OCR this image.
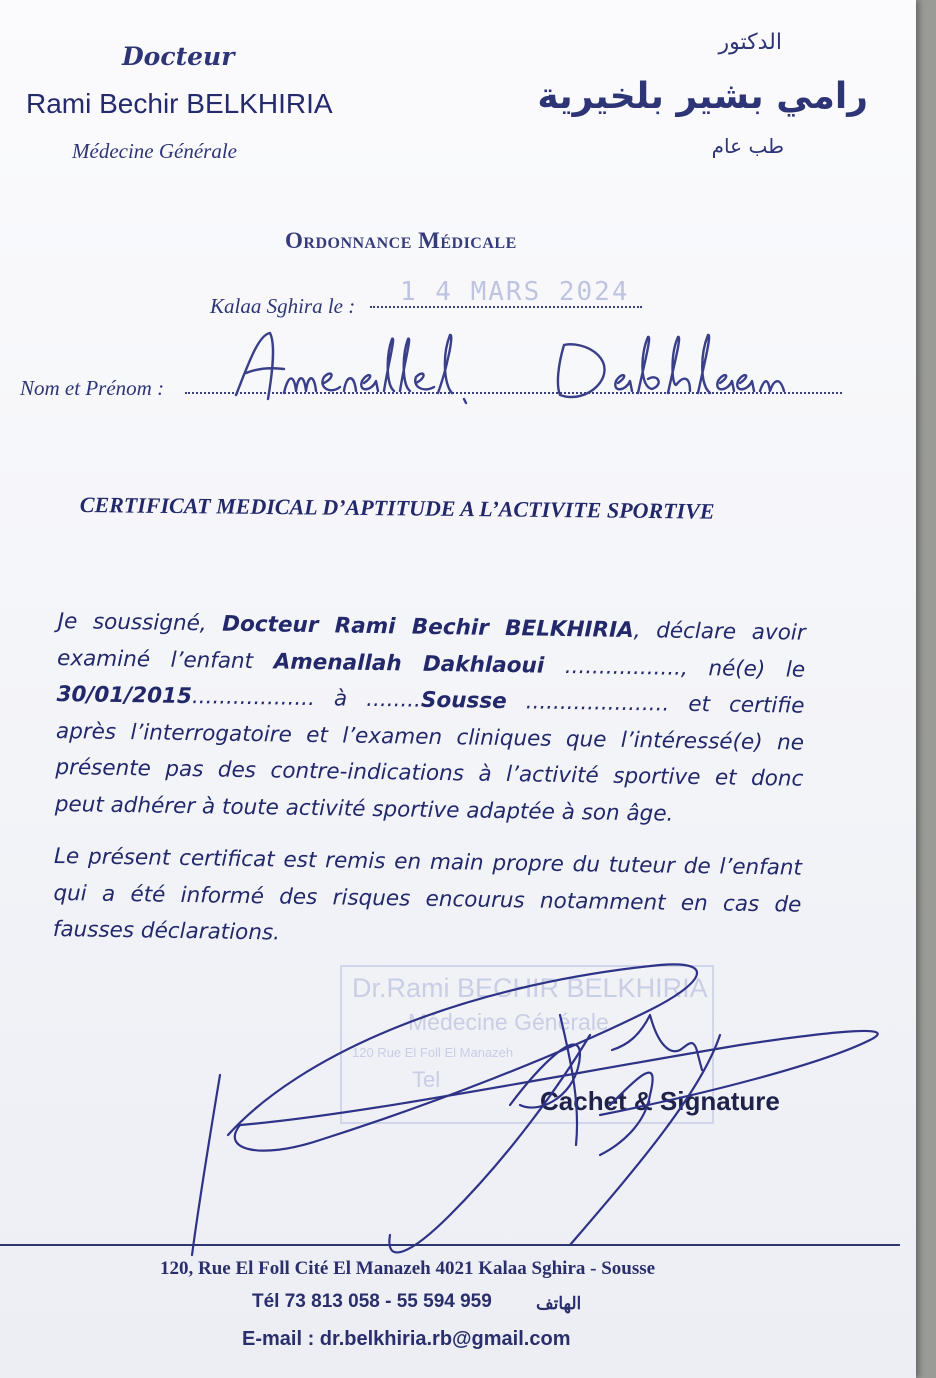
Docteur
Rami Bechir BELKHIRIA
Médecine Générale
الدكتور
رامي بشير بلخيرية
طب عام
Ordonnance Médicale
Kalaa Sghira le : 1 4 MARS 2024
Nom et Prénom :
CERTIFICAT MEDICAL D’APTITUDE A L’ACTIVITE SPORTIVE
Je soussigné, Docteur Rami Bechir BELKHIRIA, déclare avoir
examiné l’enfant Amenallah Dakhlaoui ................., né(e) le
30/01/2015.................. à ........Sousse ..................... et certifie
après l’interrogatoire et l’examen cliniques que l’intéressé(e) ne
présente pas des contre-indications à l’activité sportive et donc
peut adhérer à toute activité sportive adaptée à son âge.
Le présent certificat est remis en main propre du tuteur de l’enfant
qui a été informé des risques encourus notamment en cas de
fausses déclarations.
Dr.Rami BECHIR BELKHIRIA
Médecine Générale
120 Rue El Foll El Manazeh
Tel
Cachet & Signature
120, Rue El Foll Cité El Manazeh 4021 Kalaa Sghira - Sousse
Tél 73 813 058 - 55 594 959	الهاتف
E-mail : dr.belkhiria.rb@gmail.com
